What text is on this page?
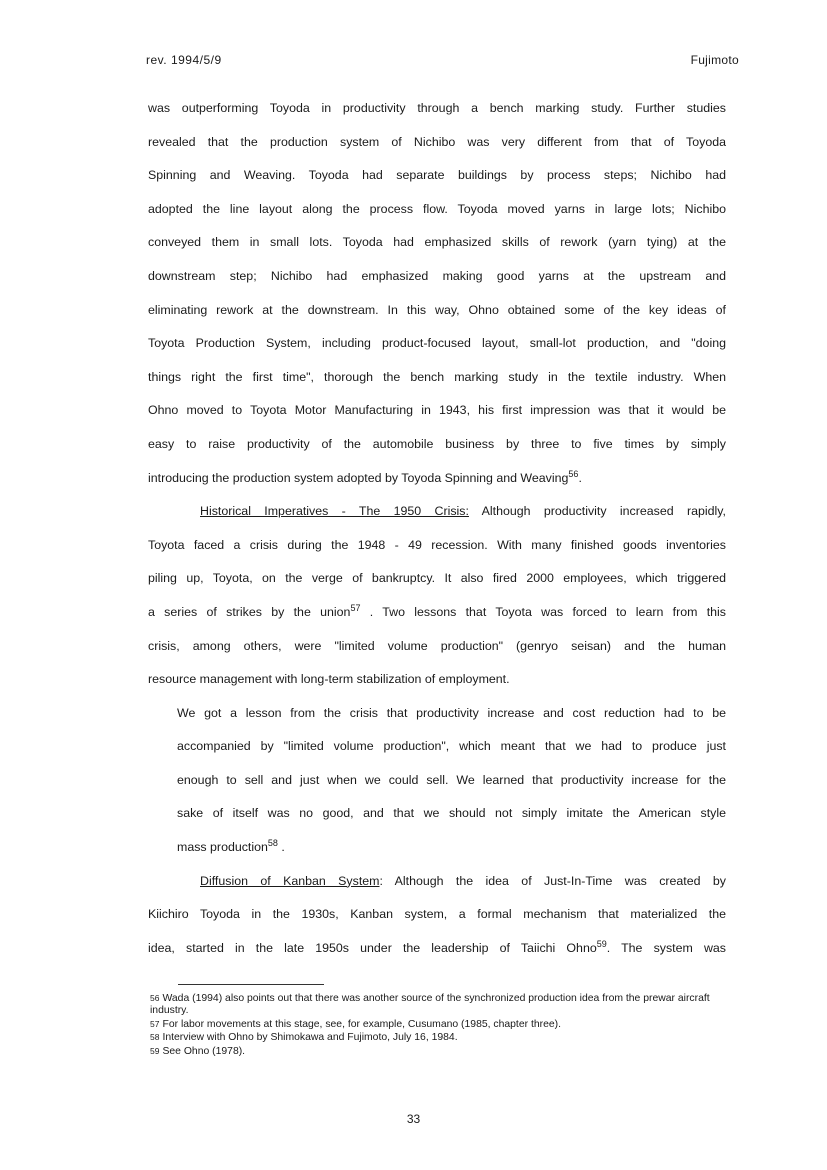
rev. 1994/5/9	Fujimoto
was outperforming Toyoda in productivity through a bench marking study. Further studies
revealed that the production system of Nichibo was very different from that of Toyoda
Spinning and Weaving. Toyoda had separate buildings by process steps; Nichibo had
adopted the line layout along the process flow. Toyoda moved yarns in large lots; Nichibo
conveyed them in small lots. Toyoda had emphasized skills of rework (yarn tying) at the
downstream step; Nichibo had emphasized making good yarns at the upstream and
eliminating rework at the downstream. In this way, Ohno obtained some of the key ideas of
Toyota Production System, including product-focused layout, small-lot production, and "doing
things right the first time", thorough the bench marking study in the textile industry. When
Ohno moved to Toyota Motor Manufacturing in 1943, his first impression was that it would be
easy to raise productivity of the automobile business by three to five times by simply
introducing the production system adopted by Toyoda Spinning and Weaving$^{56}$.
Historical Imperatives - The 1950 Crisis: Although productivity increased rapidly,
Toyota faced a crisis during the 1948 - 49 recession. With many finished goods inventories
piling up, Toyota, on the verge of bankruptcy. It also fired 2000 employees, which triggered
a series of strikes by the union$^{57}$ . Two lessons that Toyota was forced to learn from this
crisis, among others, were "limited volume production" (genryo seisan) and the human
resource management with long-term stabilization of employment.
We got a lesson from the crisis that productivity increase and cost reduction had to be
accompanied by "limited volume production", which meant that we had to produce just
enough to sell and just when we could sell. We learned that productivity increase for the
sake of itself was no good, and that we should not simply imitate the American style
mass production$^{58}$ .
Diffusion of Kanban System: Although the idea of Just-In-Time was created by
Kiichiro Toyoda in the 1930s, Kanban system, a formal mechanism that materialized the
idea, started in the late 1950s under the leadership of Taiichi Ohno$^{59}$. The system was
56 Wada (1994) also points out that there was another source of the synchronized production idea from the prewar aircraft industry.
57 For labor movements at this stage, see, for example, Cusumano (1985, chapter three).
58 Interview with Ohno by Shimokawa and Fujimoto, July 16, 1984.
59 See Ohno (1978).
33
